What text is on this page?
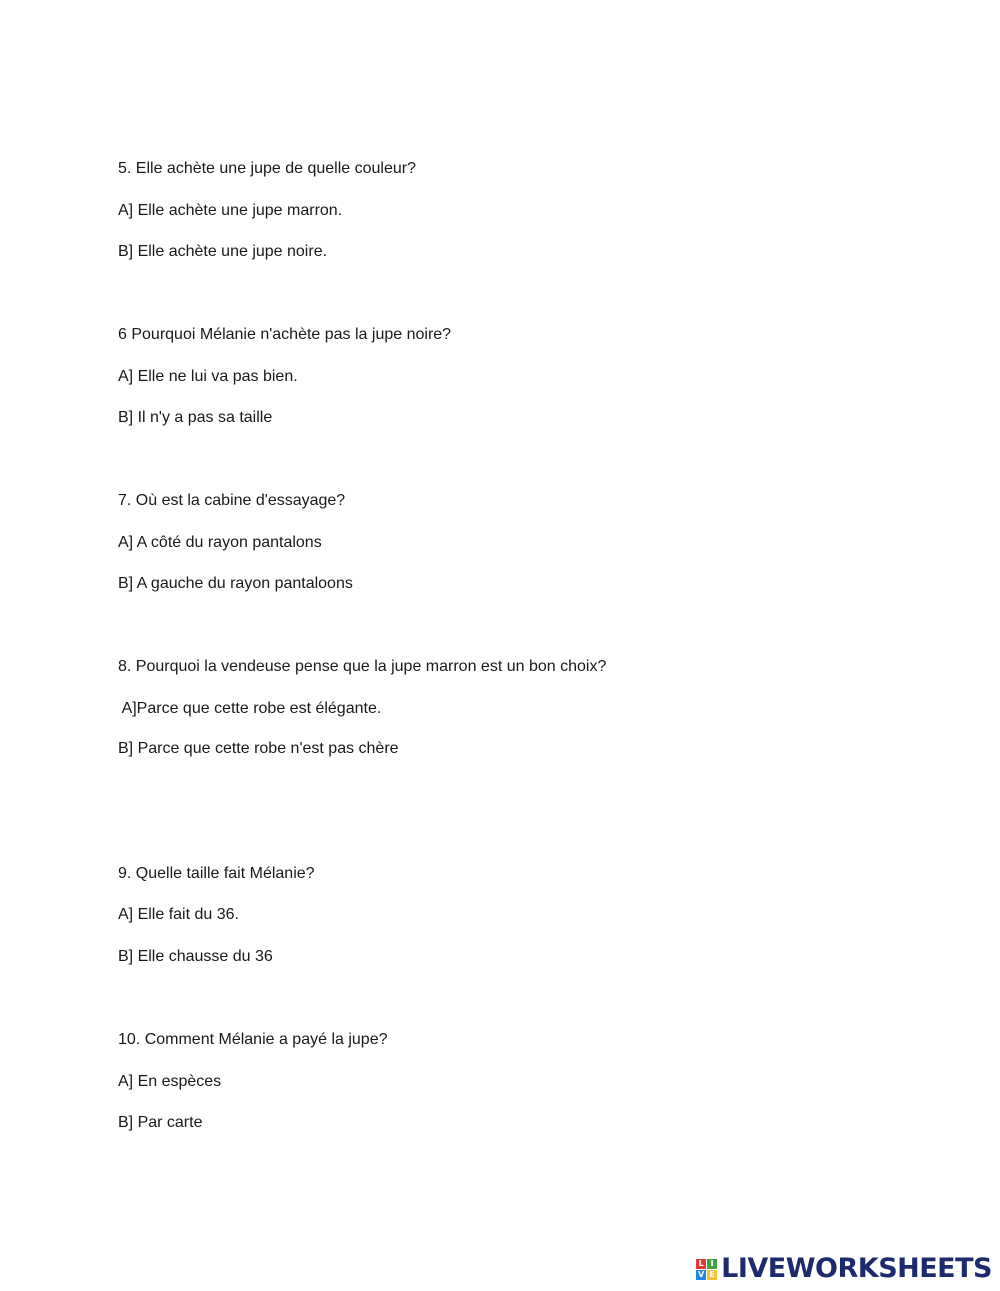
5. Elle achète une jupe de quelle couleur?
A] Elle achète une jupe marron.
B] Elle achète une jupe noire.
6 Pourquoi Mélanie n'achète pas la jupe noire?
A] Elle ne lui va pas bien.
B] Il n'y a pas sa taille
7. Où est la cabine d'essayage?
A] A côté du rayon pantalons
B] A gauche du rayon pantaloons
8. Pourquoi la vendeuse pense que la jupe marron est un bon choix?
A]Parce que cette robe est élégante.
B] Parce que cette robe n'est pas chère
9. Quelle taille fait Mélanie?
A] Elle fait du 36.
B] Elle chausse du 36
10. Comment Mélanie a payé la jupe?
A] En espèces
B] Par carte
L I
V E LIVEWORKSHEETS
